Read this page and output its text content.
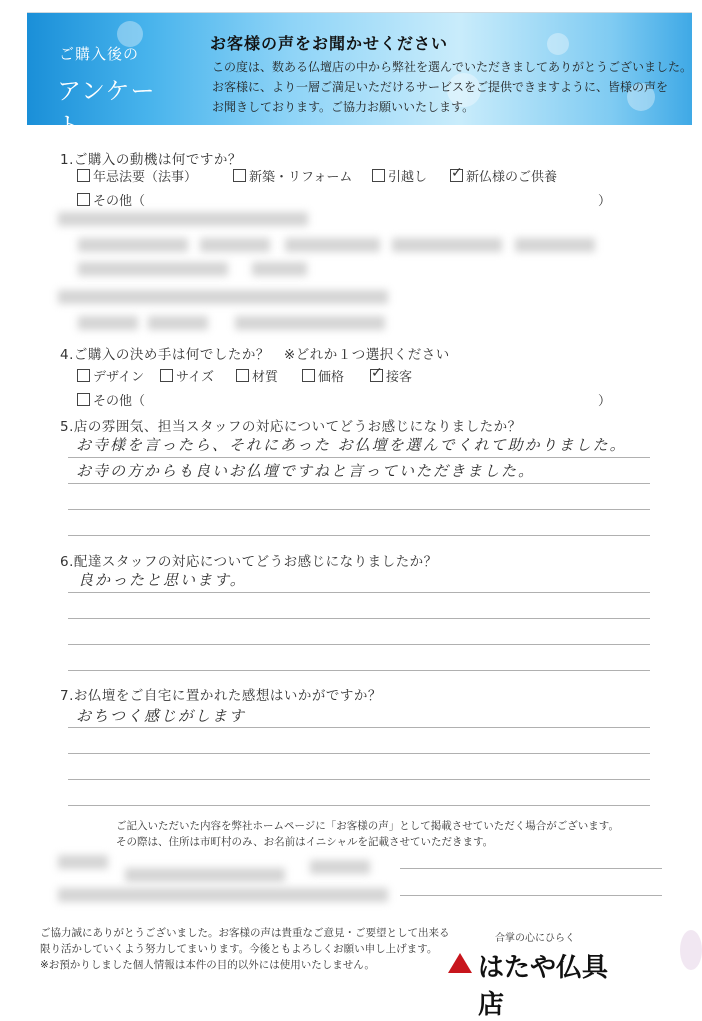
ご購入後の
アンケート
お客様の声をお聞かせください
この度は、数ある仏壇店の中から弊社を選んでいただきましてありがとうございました。
お客様に、より一層ご満足いただけるサービスをご提供できますように、皆様の声を
お聞きしております。ご協力お願いいたします。
1.ご購入の動機は何ですか？
年忌法要（法事）	新築・リフォーム	引越し ✓	新仏様のご供養
その他（	）
4.ご購入の決め手は何でしたか？　※どれか１つ選択ください
デザイン	サイズ	材質	価格 ✓	接客
その他（	）
5.店の雰囲気、担当スタッフの対応についてどうお感じになりましたか？
お寺様を言ったら、それにあった お仏壇を選んでくれて助かりました。
お寺の方からも良いお仏壇ですねと言っていただきました。
6.配達スタッフの対応についてどうお感じになりましたか？
良かったと思います。
7.お仏壇をご自宅に置かれた感想はいかがですか？
おちつく感じがします
ご記入いただいた内容を弊社ホームページに「お客様の声」として掲載させていただく場合がございます。
その際は、住所は市町村のみ、お名前はイニシャルを記載させていただきます。
ご協力誠にありがとうございました。お客様の声は貴重なご意見・ご要望として出来る
限り活かしていくよう努力してまいります。今後ともよろしくお願い申し上げます。
※お預かりしました個人情報は本件の目的以外には使用いたしません。
合掌の心にひらく
はたや仏具店
